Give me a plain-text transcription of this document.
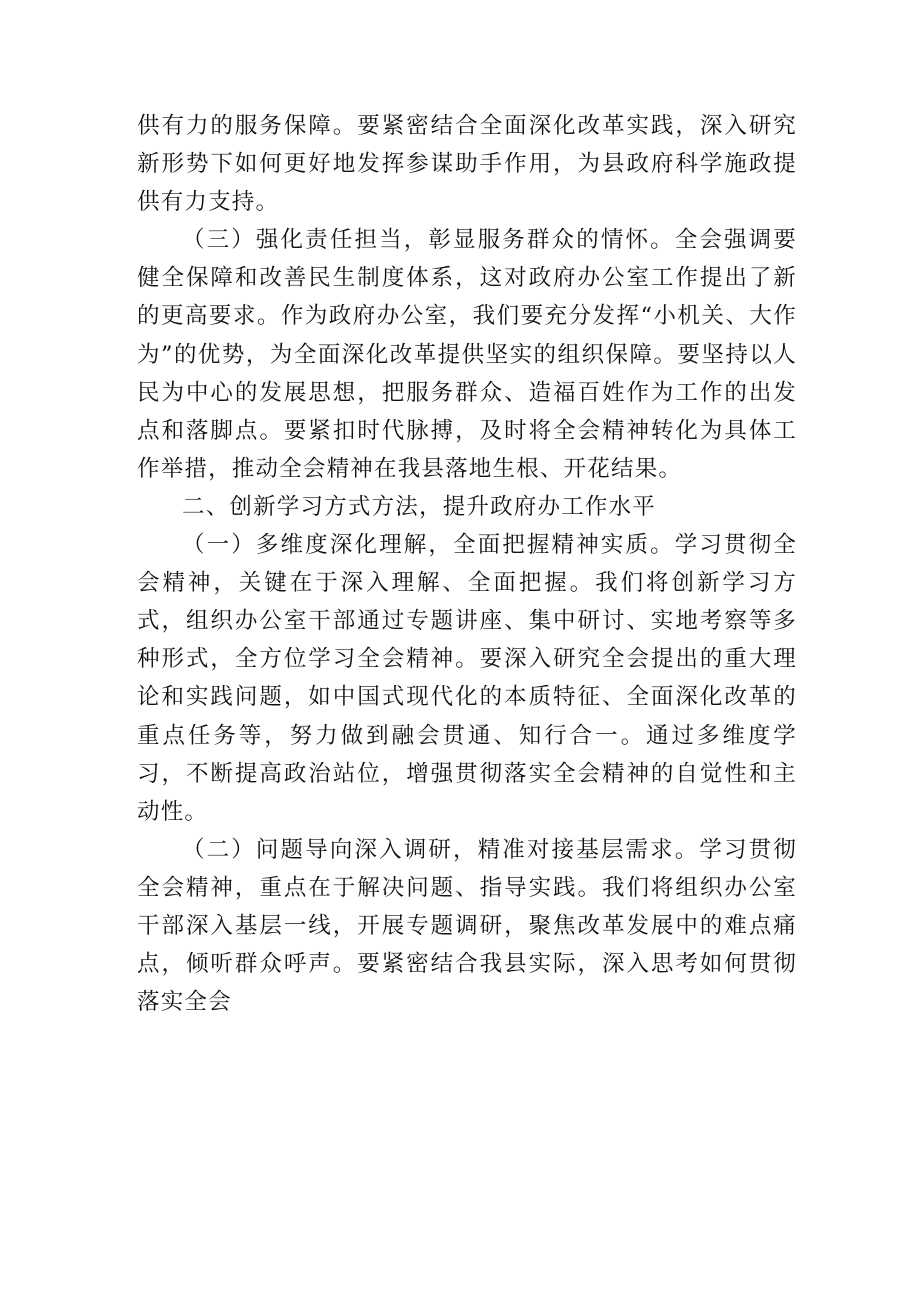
供有力的服务保障。要紧密结合全面深化改革实践，深入研究新形势下如何更好地发挥参谋助手作用，为县政府科学施政提供有力支持。

（三）强化责任担当，彰显服务群众的情怀。全会强调要健全保障和改善民生制度体系，这对政府办公室工作提出了新的更高要求。作为政府办公室，我们要充分发挥“小机关、大作为”的优势，为全面深化改革提供坚实的组织保障。要坚持以人民为中心的发展思想，把服务群众、造福百姓作为工作的出发点和落脚点。要紧扣时代脉搏，及时将全会精神转化为具体工作举措，推动全会精神在我县落地生根、开花结果。

二、创新学习方式方法，提升政府办工作水平

（一）多维度深化理解，全面把握精神实质。学习贯彻全会精神，关键在于深入理解、全面把握。我们将创新学习方式，组织办公室干部通过专题讲座、集中研讨、实地考察等多种形式，全方位学习全会精神。要深入研究全会提出的重大理论和实践问题，如中国式现代化的本质特征、全面深化改革的重点任务等，努力做到融会贯通、知行合一。通过多维度学习，不断提高政治站位，增强贯彻落实全会精神的自觉性和主动性。

（二）问题导向深入调研，精准对接基层需求。学习贯彻全会精神，重点在于解决问题、指导实践。我们将组织办公室干部深入基层一线，开展专题调研，聚焦改革发展中的难点痛点，倾听群众呼声。要紧密结合我县实际，深入思考如何贯彻落实全会
